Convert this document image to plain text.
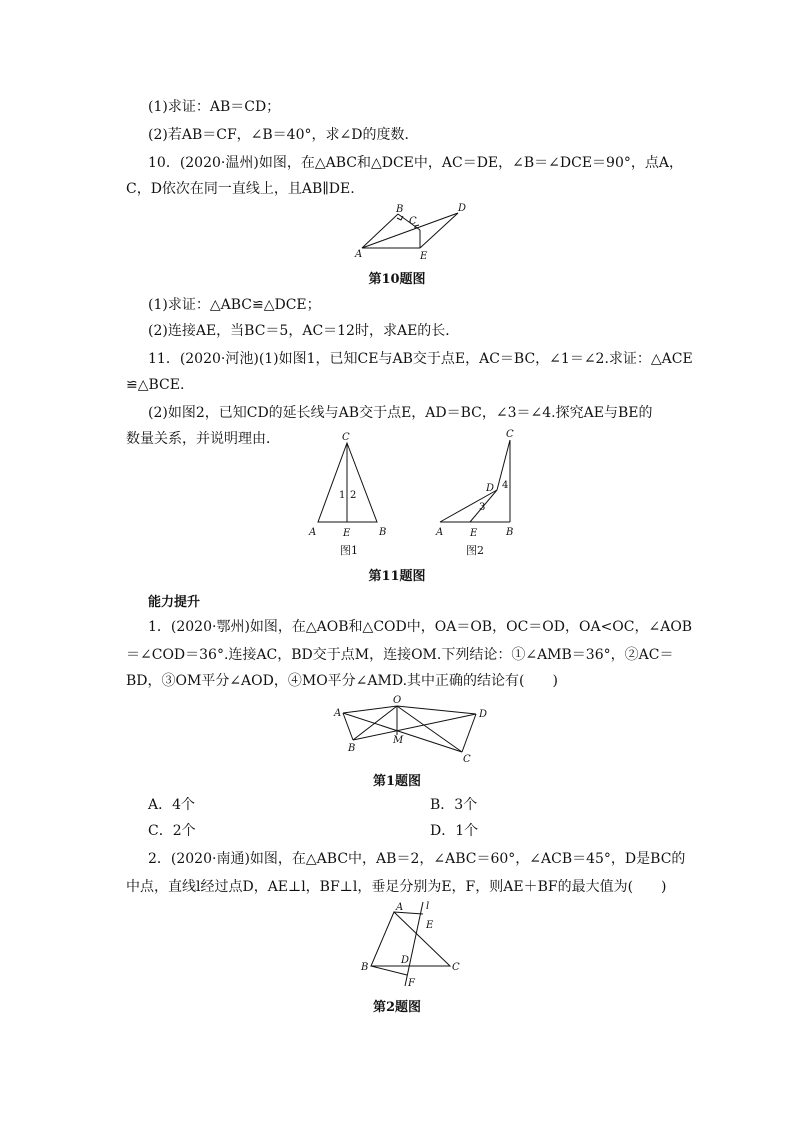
(1)求证：AB＝CD；
(2)若AB＝CF，∠B＝40°，求∠D的度数．
10．(2020·温州)如图，在△ABC和△DCE中，AC＝DE，∠B＝∠DCE＝90°，点A，
C，D依次在同一直线上，且AB∥DE.
A
B
C
D
E
第10题图
(1)求证：△ABC≌△DCE；
(2)连接AE，当BC＝5，AC＝12时，求AE的长．
11．(2020·河池)(1)如图1，已知CE与AB交于点E，AC＝BC，∠1＝∠2.求证：△ACE
≌△BCE.
(2)如图2，已知CD的延长线与AB交于点E，AD＝BC，∠3＝∠4.探究AE与BE的
数量关系，并说明理由．	C
1 2
A	E	B
C
D 4
3
A	E	B
图1	图2
第11题图
能力提升
1．(2020·鄂州)如图，在△AOB和△COD中，OA＝OB，OC＝OD，OA<OC，∠AOB
＝∠COD＝36°.连接AC，BD交于点M，连接OM.下列结论：①∠AMB＝36°，②AC＝
BD，③OM平分∠AOD，④MO平分∠AMD.其中正确的结论有(　　)
A
O
D
B
M
C
第1题图
A．4个	B．3个
C．2个	D．1个
2．(2020·南通)如图，在△ABC中，AB＝2，∠ABC＝60°，∠ACB＝45°，D是BC的
中点，直线l经过点D，AE⊥l，BF⊥l，垂足分别为E，F，则AE＋BF的最大值为(　　)
A l
E
B
D
C
F
第2题图
